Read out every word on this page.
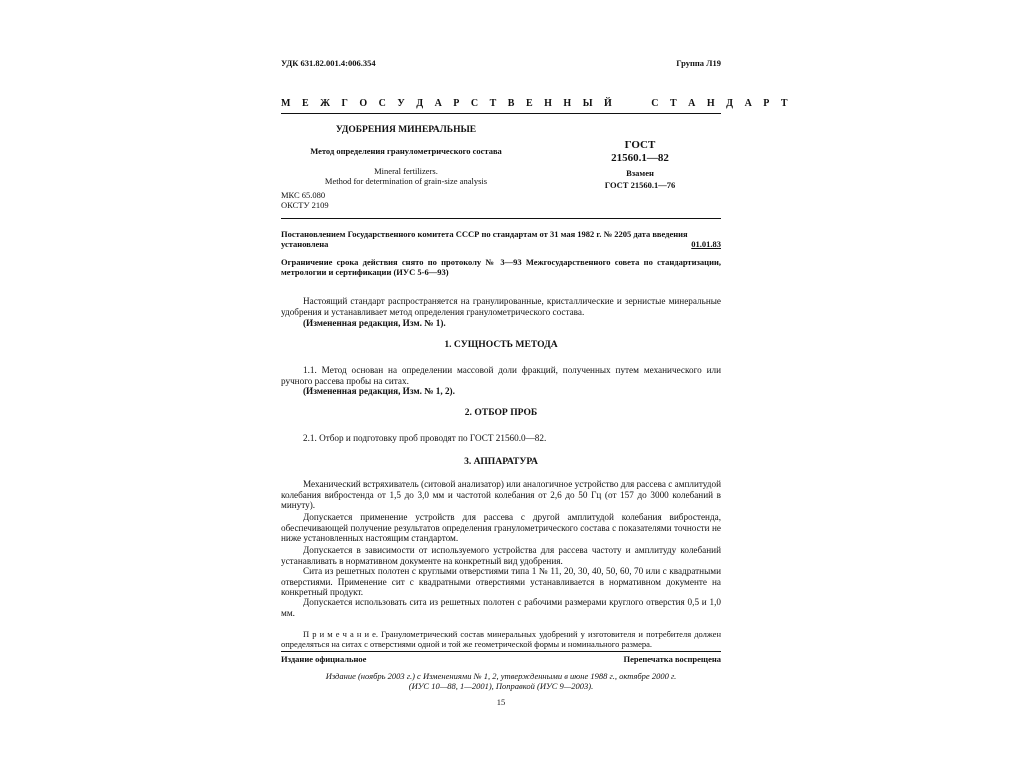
УДК 631.82.001.4:006.354	Группа Л19
М Е Ж Г О С У Д А Р С Т В Е Н Н Ы Й     С Т А Н Д А Р Т
УДОБРЕНИЯ МИНЕРАЛЬНЫЕ
Метод определения гранулометрического состава
Mineral fertilizers.
Method for determination of grain-size analysis
МКС 65.080
ОКСТУ 2109
ГОСТ
21560.1—82
Взамен
ГОСТ 21560.1—76
Постановлением Государственного комитета СССР по стандартам от 31 мая 1982 г. № 2205 дата введения
установлена	01.01.83
Ограничение срока действия снято по протоколу № 3—93 Межгосударственного совета по стандартизации, метрологии и сертификации (ИУС 5-6—93)
Настоящий стандарт распространяется на гранулированные, кристаллические и зернистые минеральные удобрения и устанавливает метод определения гранулометрического состава.
(Измененная редакция, Изм. № 1).
1. СУЩНОСТЬ МЕТОДА
1.1. Метод основан на определении массовой доли фракций, полученных путем механического или ручного рассева пробы на ситах.
(Измененная редакция, Изм. № 1, 2).
2. ОТБОР ПРОБ
2.1. Отбор и подготовку проб проводят по ГОСТ 21560.0—82.
3. АППАРАТУРА
Механический встряхиватель (ситовой анализатор) или аналогичное устройство для рассева с амплитудой колебания вибростенда от 1,5 до 3,0 мм и частотой колебания от 2,6 до 50 Гц (от 157 до 3000 колебаний в минуту).
Допускается применение устройств для рассева с другой амплитудой колебания вибростенда, обеспечивающей получение результатов определения гранулометрического состава с показателями точности не ниже установленных настоящим стандартом.
Допускается в зависимости от используемого устройства для рассева частоту и амплитуду колебаний устанавливать в нормативном документе на конкретный вид удобрения.
Сита из решетных полотен с круглыми отверстиями типа 1 № 11, 20, 30, 40, 50, 60, 70 или с квадратными отверстиями. Применение сит с квадратными отверстиями устанавливается в нормативном документе на конкретный продукт.
Допускается использовать сита из решетных полотен с рабочими размерами круглого отверстия 0,5 и 1,0 мм.
П р и м е ч а н и е. Гранулометрический состав минеральных удобрений у изготовителя и потребителя должен определяться на ситах с отверстиями одной и той же геометрической формы и номинального размера.
Издание официальное	Перепечатка воспрещена
Издание (ноябрь 2003 г.) с Изменениями № 1, 2, утвержденными в июне 1988 г., октябре 2000 г.
(ИУС 10—88, 1—2001), Поправкой (ИУС 9—2003).
15
